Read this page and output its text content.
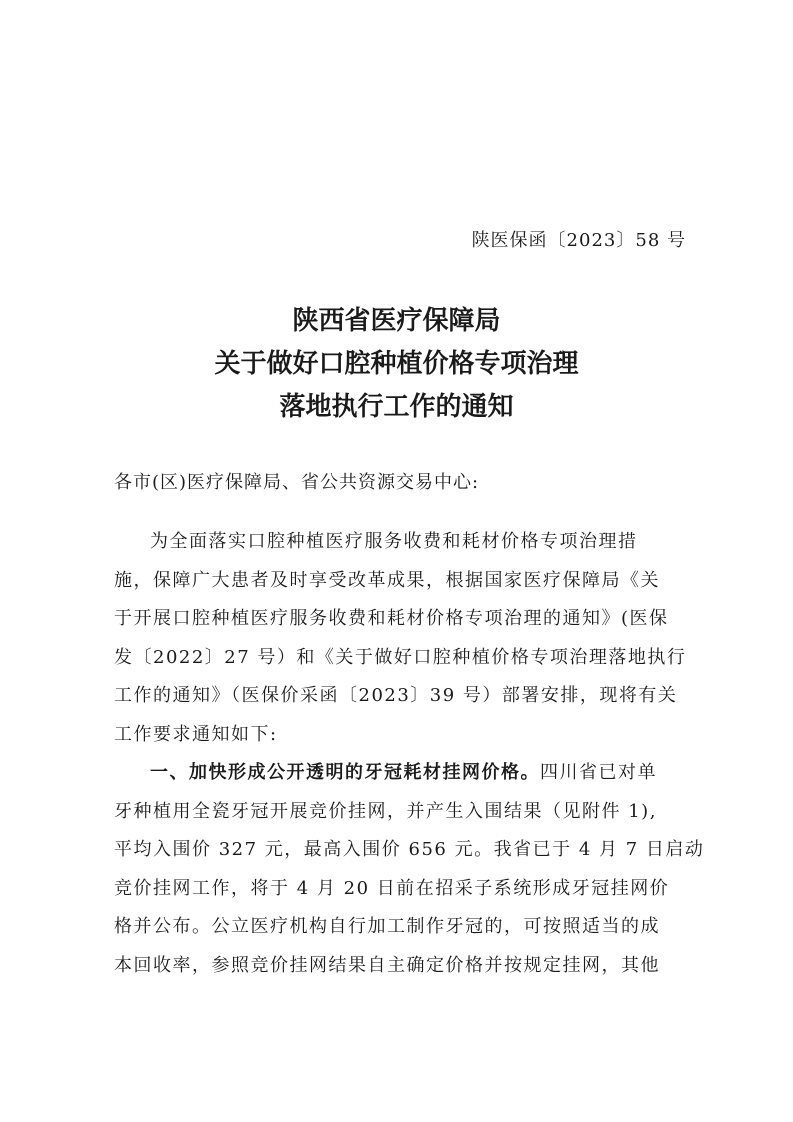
陕医保函〔2023〕58 号
陕西省医疗保障局
关于做好口腔种植价格专项治理
落地执行工作的通知
各市(区)医疗保障局、省公共资源交易中心:
为全面落实口腔种植医疗服务收费和耗材价格专项治理措
施，保障广大患者及时享受改革成果，根据国家医疗保障局《关
于开展口腔种植医疗服务收费和耗材价格专项治理的通知》(医保
发〔2022〕27 号）和《关于做好口腔种植价格专项治理落地执行
工作的通知》（医保价采函〔2023〕39 号）部署安排，现将有关
工作要求通知如下:
一、加快形成公开透明的牙冠耗材挂网价格。四川省已对单
牙种植用全瓷牙冠开展竞价挂网，并产生入围结果（见附件 1),
平均入围价 327 元，最高入围价 656 元。我省已于 4 月 7 日启动
竞价挂网工作，将于 4 月 20 日前在招采子系统形成牙冠挂网价
格并公布。公立医疗机构自行加工制作牙冠的，可按照适当的成
本回收率，参照竞价挂网结果自主确定价格并按规定挂网，其他
